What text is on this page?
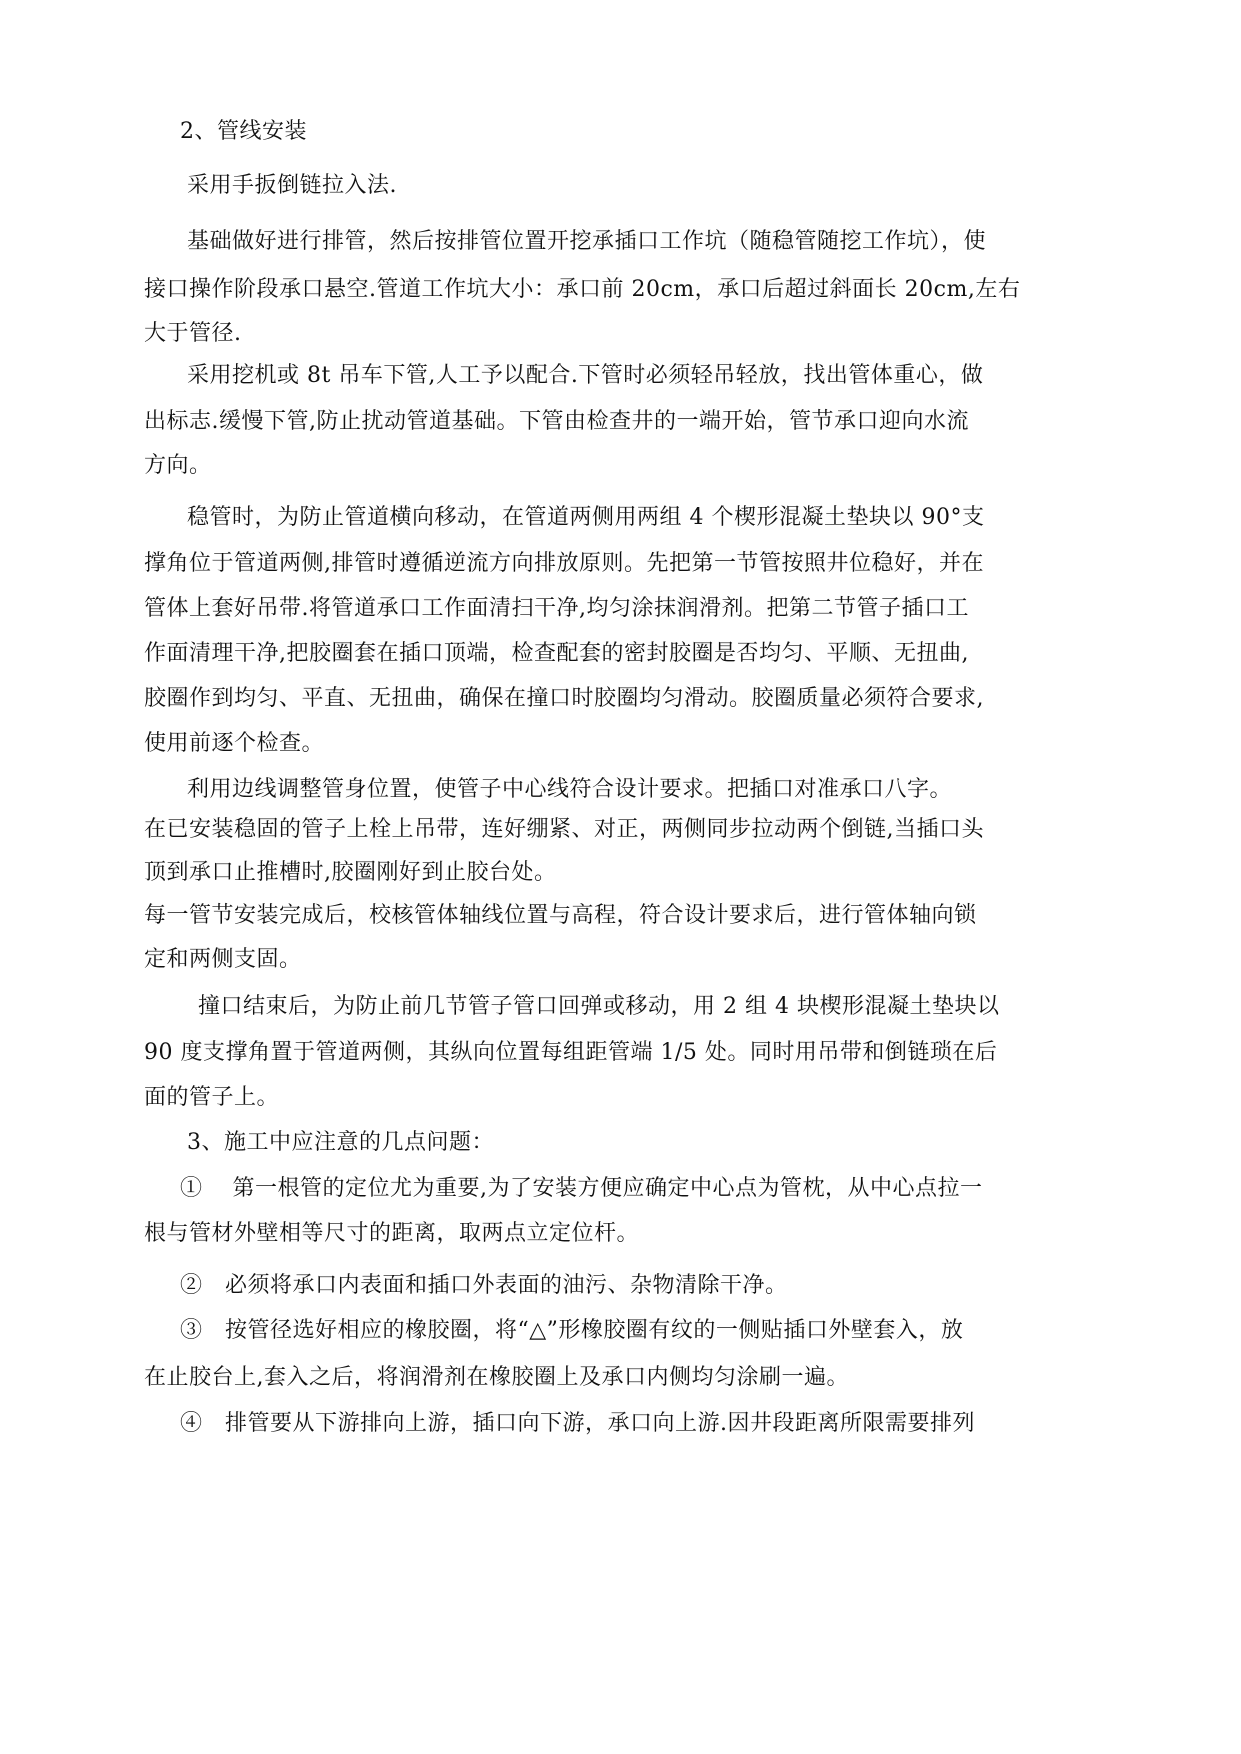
2、管线安装
采用手扳倒链拉入法.
基础做好进行排管，然后按排管位置开挖承插口工作坑（随稳管随挖工作坑），使
接口操作阶段承口悬空.管道工作坑大小：承口前 20cm，承口后超过斜面长 20cm,左右
大于管径.
采用挖机或 8t 吊车下管,人工予以配合.下管时必须轻吊轻放，找出管体重心，做
出标志.缓慢下管,防止扰动管道基础。下管由检查井的一端开始，管节承口迎向水流
方向。
稳管时，为防止管道横向移动，在管道两侧用两组 4 个楔形混凝土垫块以 90°支
撑角位于管道两侧,排管时遵循逆流方向排放原则。先把第一节管按照井位稳好，并在
管体上套好吊带.将管道承口工作面清扫干净,均匀涂抹润滑剂。把第二节管子插口工
作面清理干净,把胶圈套在插口顶端，检查配套的密封胶圈是否均匀、平顺、无扭曲,
胶圈作到均匀、平直、无扭曲，确保在撞口时胶圈均匀滑动。胶圈质量必须符合要求,
使用前逐个检查。
利用边线调整管身位置，使管子中心线符合设计要求。把插口对准承口八字。
在已安装稳固的管子上栓上吊带，连好绷紧、对正，两侧同步拉动两个倒链,当插口头
顶到承口止推槽时,胶圈刚好到止胶台处。
每一管节安装完成后，校核管体轴线位置与高程，符合设计要求后，进行管体轴向锁
定和两侧支固。
撞口结束后，为防止前几节管子管口回弹或移动，用 2 组 4 块楔形混凝土垫块以
90 度支撑角置于管道两侧，其纵向位置每组距管端 1/5 处。同时用吊带和倒链琐在后
面的管子上。
3、施工中应注意的几点问题：
①　 第一根管的定位尤为重要,为了安装方便应确定中心点为管枕，从中心点拉一
根与管材外壁相等尺寸的距离，取两点立定位杆。
②　必须将承口内表面和插口外表面的油污、杂物清除干净。
③　按管径选好相应的橡胶圈，将“△”形橡胶圈有纹的一侧贴插口外壁套入，放
在止胶台上,套入之后，将润滑剂在橡胶圈上及承口内侧均匀涂刷一遍。
④　排管要从下游排向上游，插口向下游，承口向上游.因井段距离所限需要排列
